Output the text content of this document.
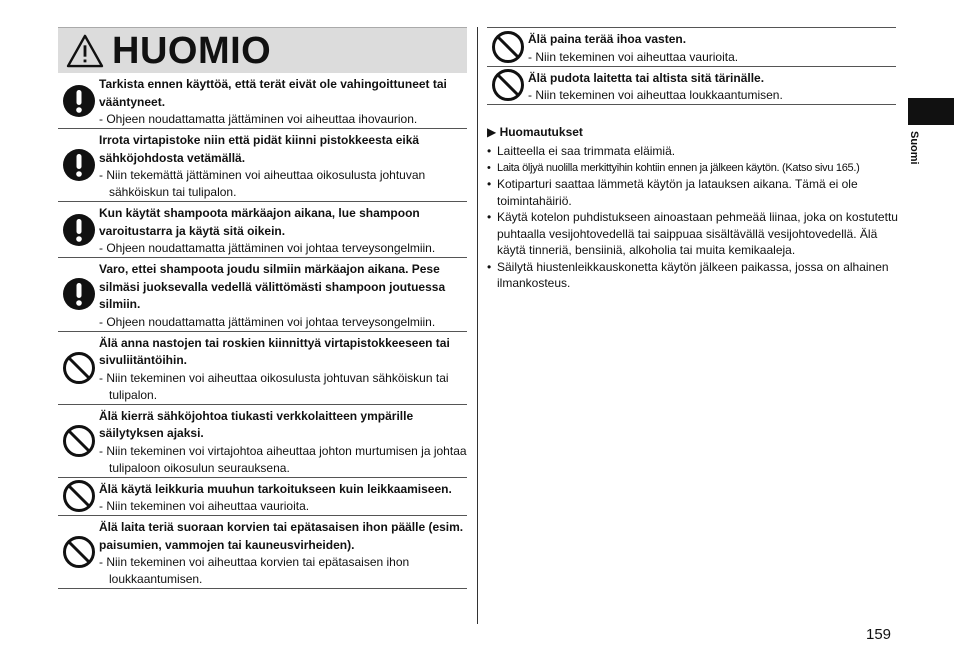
HUOMIO
Tarkista ennen käyttöä, että terät eivät ole vahingoittuneet tai vääntyneet.
- Ohjeen noudattamatta jättäminen voi aiheuttaa ihovaurion.
Irrota virtapistoke niin että pidät kiinni pistokkeesta eikä sähköjohdosta vetämällä.
- Niin tekemättä jättäminen voi aiheuttaa oikosulusta johtuvan sähköiskun tai tulipalon.
Kun käytät shampoota märkäajon aikana, lue shampoon varoitustarra ja käytä sitä oikein.
- Ohjeen noudattamatta jättäminen voi johtaa terveysongelmiin.
Varo, ettei shampoota joudu silmiin märkäajon aikana. Pese silmäsi juoksevalla vedellä välittömästi shampoon joutuessa silmiin.
- Ohjeen noudattamatta jättäminen voi johtaa terveysongelmiin.
Älä anna nastojen tai roskien kiinnittyä virtapistokkeeseen tai sivuliitäntöihin.
- Niin tekeminen voi aiheuttaa oikosulusta johtuvan sähköiskun tai tulipalon.
Älä kierrä sähköjohtoa tiukasti verkkolaitteen ympärille säilytyksen ajaksi.
- Niin tekeminen voi virtajohtoa aiheuttaa johton murtumisen ja johtaa tulipaloon oikosulun seurauksena.
Älä käytä leikkuria muuhun tarkoitukseen kuin leikkaamiseen.
- Niin tekeminen voi aiheuttaa vaurioita.
Älä laita teriä suoraan korvien tai epätasaisen ihon päälle (esim. paisumien, vammojen tai kauneusvirheiden).
- Niin tekeminen voi aiheuttaa korvien tai epätasaisen ihon loukkaantumisen.
Älä paina terää ihoa vasten.
- Niin tekeminen voi aiheuttaa vaurioita.
Älä pudota laitetta tai altista sitä tärinälle.
- Niin tekeminen voi aiheuttaa loukkaantumisen.
▶ Huomautukset
• Laitteella ei saa trimmata eläimiä.
• Laita öljyä nuolilla merkittyihin kohtiin ennen ja jälkeen käytön. (Katso sivu 165.)
• Kotiparturi saattaa lämmetä käytön ja latauksen aikana. Tämä ei ole toimintahäiriö.
• Käytä kotelon puhdistukseen ainoastaan pehmeää liinaa, joka on kostutettu puhtaalla vesijohtovedellä tai saippuaa sisältävällä vesijohtovedellä. Älä käytä tinneriä, bensiiniä, alkoholia tai muita kemikaaleja.
• Säilytä hiustenleikkauskonetta käytön jälkeen paikassa, jossa on alhainen ilmankosteus.
Suomi
159
